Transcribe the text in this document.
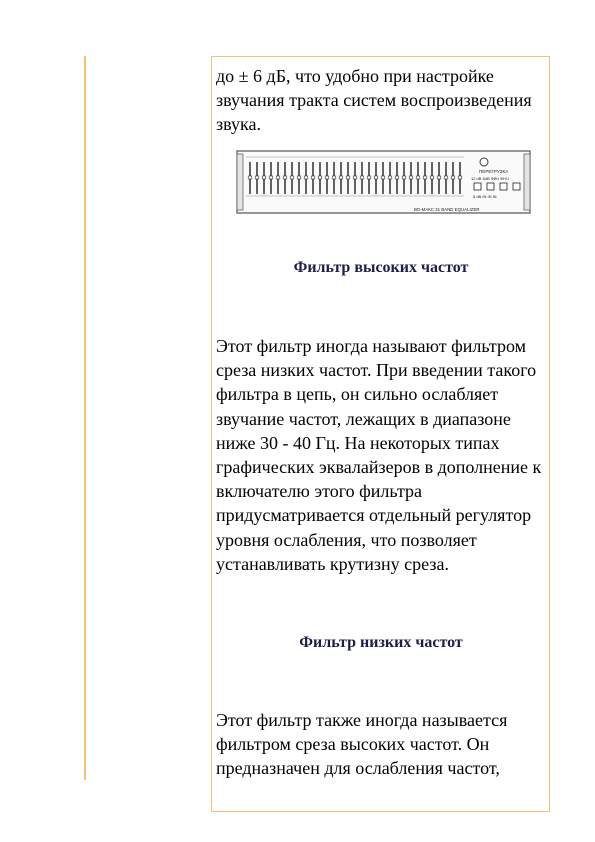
до ± 6 дБ, что удобно при настройке звучания тракта систем воспроизведения звука.

ПЕРЕГРУЗКА
12 dB 6dB ФВЧ ФНЧ
6 dB IN IN IN
ВО-МАКС 31 BAND EQUALIZER

Фильтр высоких частот

Этот фильтр иногда называют фильтром среза низких частот. При введении такого фильтра в цепь, он сильно ослабляет звучание частот, лежащих в диапазоне ниже 30 - 40 Гц. На некоторых типах графических эквалайзеров в дополнение к включателю этого фильтра придусматривается отдельный регулятор уровня ослабления, что позволяет устанавливать крутизну среза.

Фильтр низких частот

Этот фильтр также иногда называется фильтром среза высоких частот. Он предназначен для ослабления частот,
